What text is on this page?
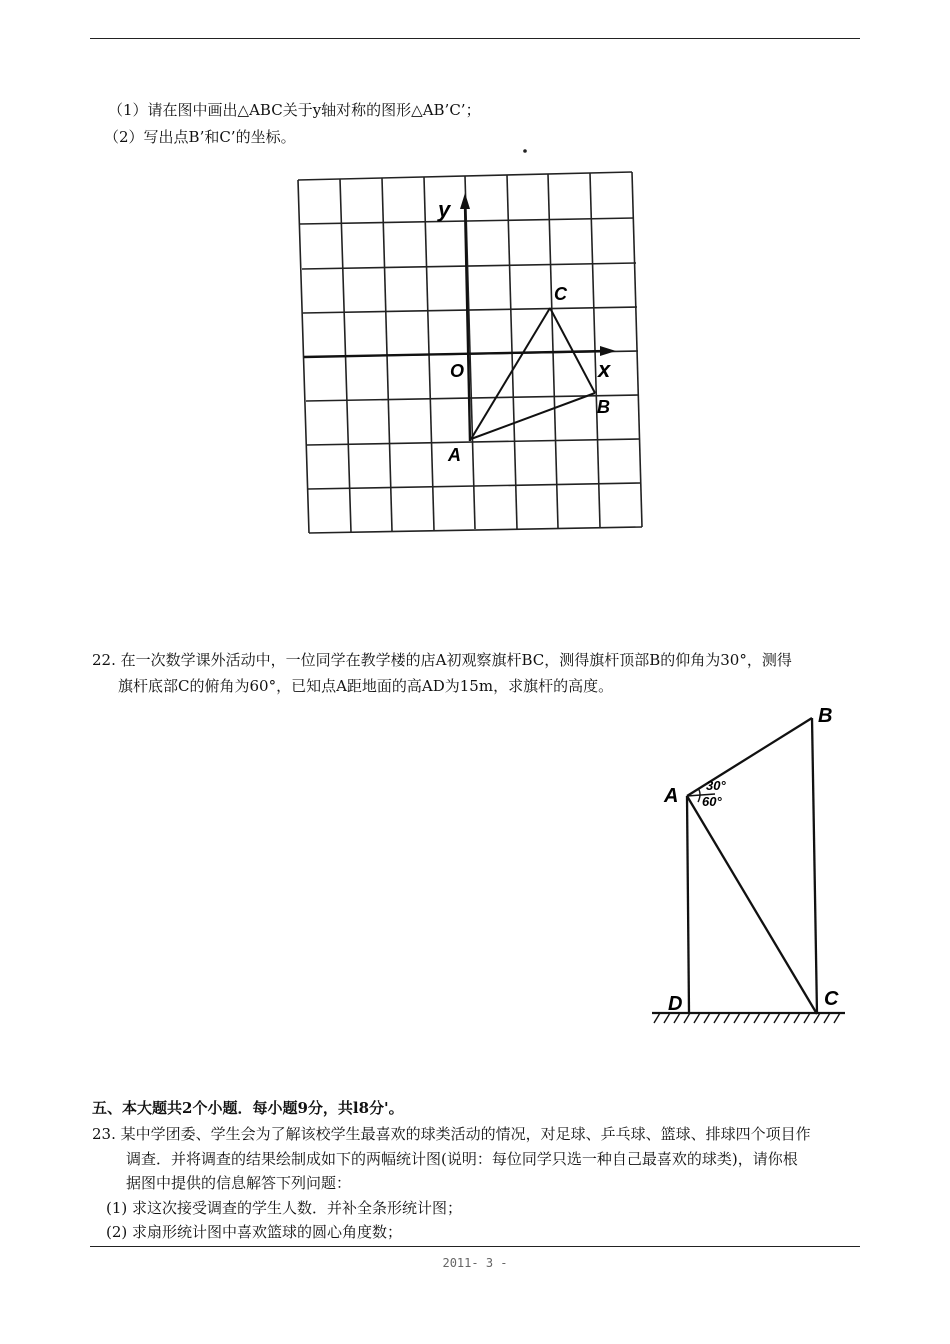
（1）请在图中画出△ABC关于y轴对称的图形△AB’C’；
（2）写出点B’和C’的坐标。
y
x
O
C
B
A
22. 在一次数学课外活动中，一位同学在教学楼的店A初观察旗杆BC，测得旗杆顶部B的仰角为30°，测得
旗杆底部C的俯角为60°，已知点A距地面的高AD为15m，求旗杆的高度。
B
A 30°
60°
D	C
五、本大题共2个小题．每小题9分，共l8分'。
23. 某中学团委、学生会为了解该校学生最喜欢的球类活动的情况，对足球、乒乓球、篮球、排球四个项目作
调查．并将调查的结果绘制成如下的两幅统计图(说明：每位同学只选一种自己最喜欢的球类)，请你根
据图中提供的信息解答下列问题：
(1) 求这次接受调查的学生人数．并补全条形统计图；
(2) 求扇形统计图中喜欢篮球的圆心角度数；
2011- 3 -
